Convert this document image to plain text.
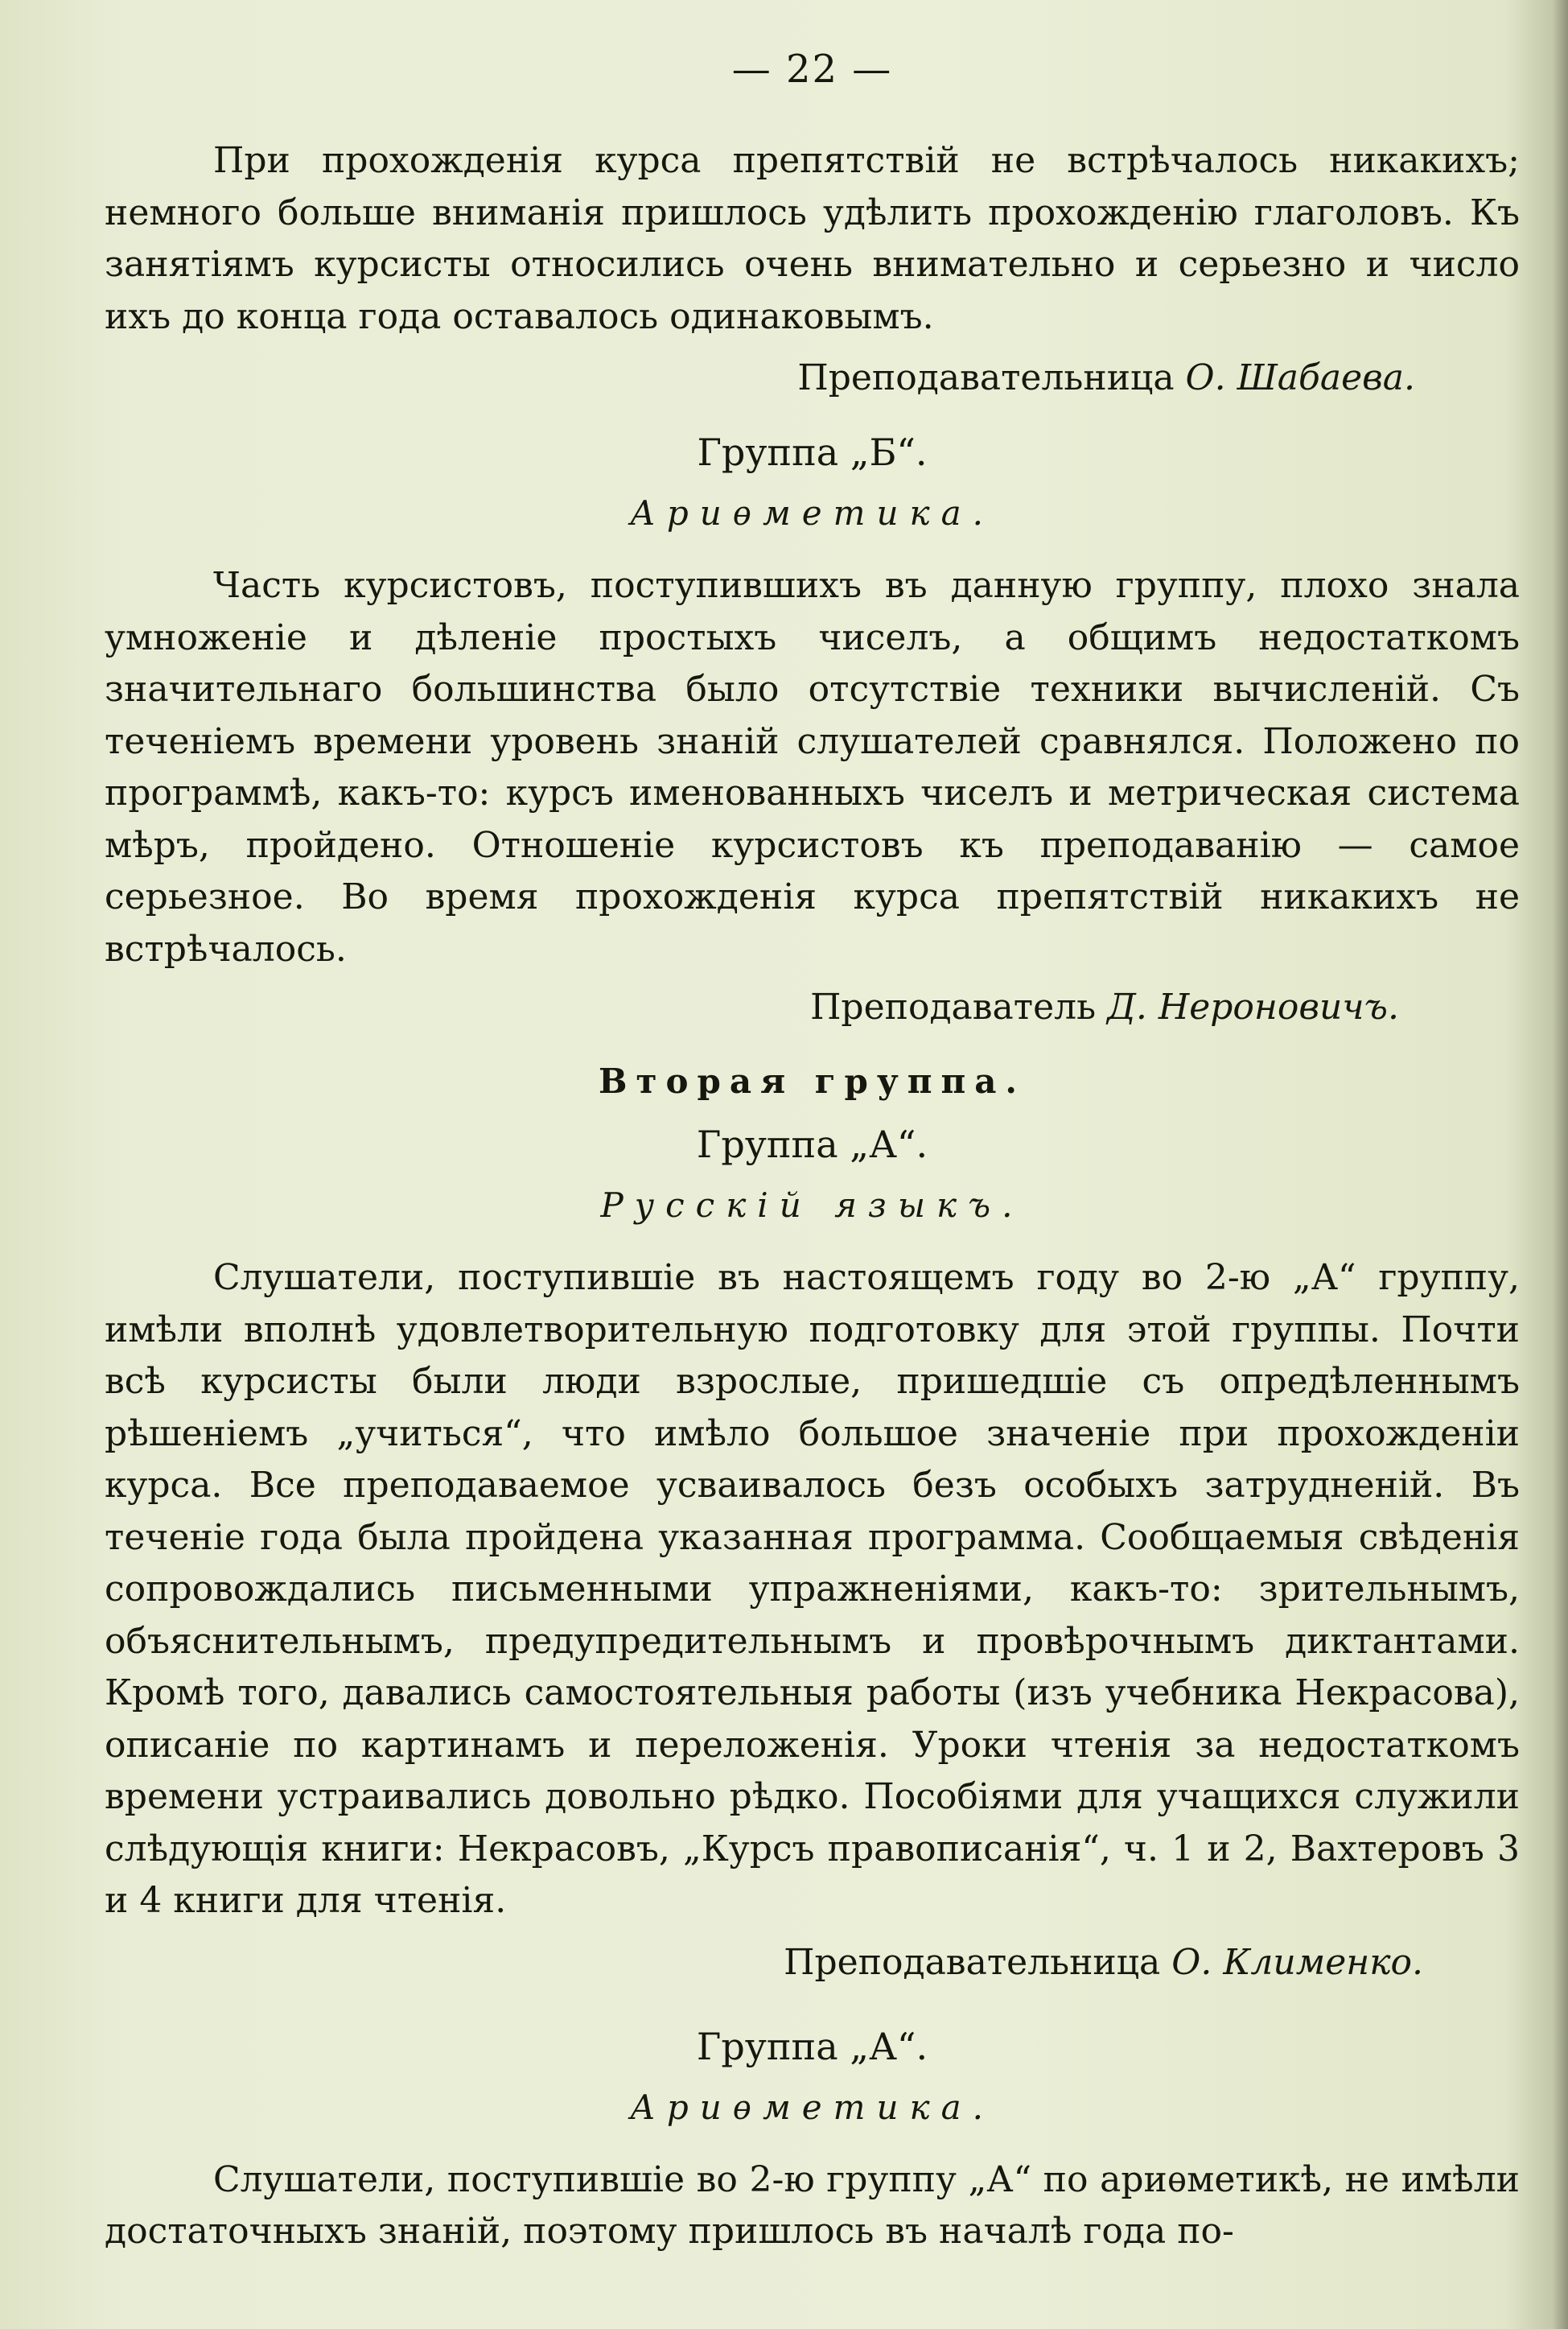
— 22 —

При прохожденія курса препятствій не встрѣчалось никакихъ; немного больше вниманія пришлось удѣлить прохожденію глаголовъ. Къ занятіямъ курсисты относились очень внимательно и серьезно и число ихъ до конца года оставалось одинаковымъ.

Преподавательница О. Шабаева.
Группа „Б“.
Ариѳметика.

Часть курсистовъ, поступившихъ въ данную группу, плохо знала умноженіе и дѣленіе простыхъ чиселъ, а общимъ недостаткомъ значительнаго большинства было отсутствіе техники вычисленій. Съ теченіемъ времени уровень знаній слушателей сравнялся. Положено по программѣ, какъ-то: курсъ именованныхъ чиселъ и метрическая система мѣръ, пройдено. Отношеніе курсистовъ къ преподаванію — самое серьезное. Во время прохожденія курса препятствій никакихъ не встрѣчалось.

Преподаватель Д. Нероновичъ.
Вторая группа.
Группа „А“.
Русскій языкъ.

Слушатели, поступившіе въ настоящемъ году во 2-ю „А“ группу, имѣли вполнѣ удовлетворительную подготовку для этой группы. Почти всѣ курсисты были люди взрослые, пришедшіе съ опредѣленнымъ рѣшеніемъ „учиться“, что имѣло большое значеніе при прохожденіи курса. Все преподаваемое усваивалось безъ особыхъ затрудненій. Въ теченіе года была пройдена указанная программа. Сообщаемыя свѣденія сопровождались письменными упражненіями, какъ-то: зрительнымъ, объяснительнымъ, предупредительнымъ и провѣрочнымъ диктантами. Кромѣ того, давались самостоятельныя работы (изъ учебника Некрасова), описаніе по картинамъ и переложенія. Уроки чтенія за недостаткомъ времени устраивались довольно рѣдко. Пособіями для учащихся служили слѣдующія книги: Некрасовъ, „Курсъ правописанія“, ч. 1 и 2, Вахтеровъ 3 и 4 книги для чтенія.

Преподавательница О. Клименко.
Группа „А“.
Ариѳметика.

Слушатели, поступившіе во 2-ю группу „А“ по ариѳметикѣ, не имѣли достаточныхъ знаній, поэтому пришлось въ началѣ года по-
